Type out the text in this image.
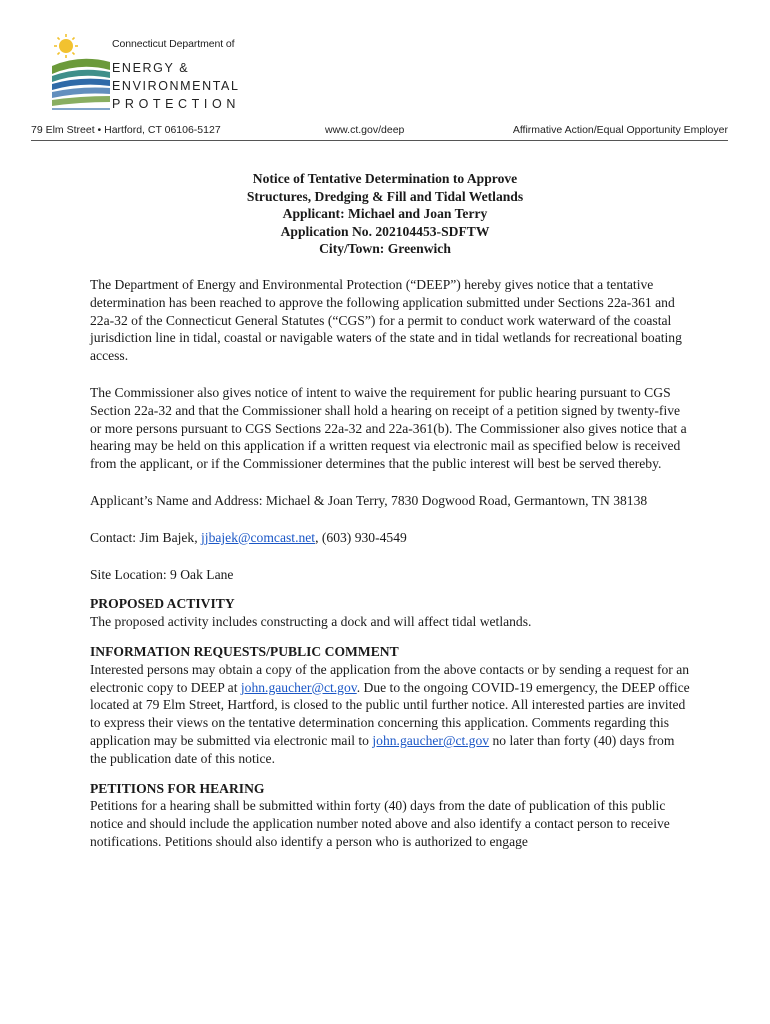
Connecticut Department of
ENERGY &
ENVIRONMENTAL
PROTECTION
79 Elm Street • Hartford, CT 06106-5127	www.ct.gov/deep	Affirmative Action/Equal Opportunity Employer
Notice of Tentative Determination to Approve
Structures, Dredging & Fill and Tidal Wetlands
Applicant: Michael and Joan Terry
Application No. 202104453-SDFTW
City/Town: Greenwich

The Department of Energy and Environmental Protection (“DEEP”) hereby gives notice that a tentative determination has been reached to approve the following application submitted under Sections 22a-361 and 22a-32 of the Connecticut General Statutes (“CGS”) for a permit to conduct work waterward of the coastal jurisdiction line in tidal, coastal or navigable waters of the state and in tidal wetlands for recreational boating access.

The Commissioner also gives notice of intent to waive the requirement for public hearing pursuant to CGS Section 22a-32 and that the Commissioner shall hold a hearing on receipt of a petition signed by twenty-five or more persons pursuant to CGS Sections 22a-32 and 22a-361(b). The Commissioner also gives notice that a hearing may be held on this application if a written request via electronic mail as specified below is received from the applicant, or if the Commissioner determines that the public interest will best be served thereby.

Applicant’s Name and Address: Michael & Joan Terry, 7830 Dogwood Road, Germantown, TN 38138

Contact: Jim Bajek, jjbajek@comcast.net, (603) 930-4549

Site Location: 9 Oak Lane

PROPOSED ACTIVITY

The proposed activity includes constructing a dock and will affect tidal wetlands.

INFORMATION REQUESTS/PUBLIC COMMENT

Interested persons may obtain a copy of the application from the above contacts or by sending a request for an electronic copy to DEEP at john.gaucher@ct.gov. Due to the ongoing COVID-19 emergency, the DEEP office located at 79 Elm Street, Hartford, is closed to the public until further notice. All interested parties are invited to express their views on the tentative determination concerning this application. Comments regarding this application may be submitted via electronic mail to john.gaucher@ct.gov no later than forty (40) days from the publication date of this notice.

PETITIONS FOR HEARING

Petitions for a hearing shall be submitted within forty (40) days from the date of publication of this public notice and should include the application number noted above and also identify a contact person to receive notifications. Petitions should also identify a person who is authorized to engage
